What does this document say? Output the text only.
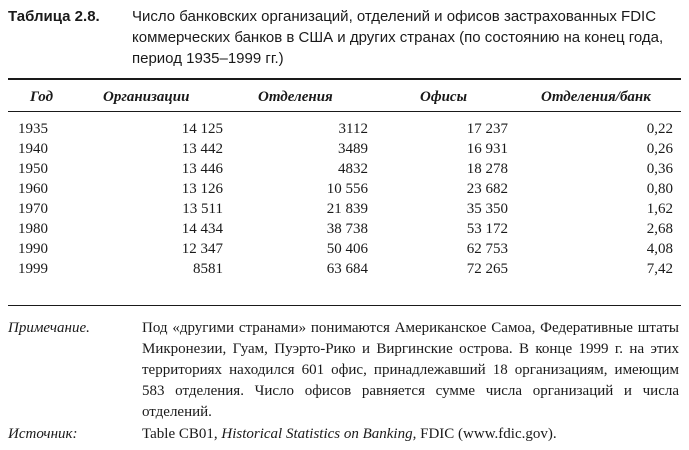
Таблица 2.8. Число банковских организаций, отделений и офисов застрахованных FDIC коммерческих банков в США и других странах (по состоянию на конец года, период 1935–1999 гг.)
Год	Организации	Отделения	Офисы	Отделения/банк
1935	14 125	3112	17 237	0,22
1940	13 442	3489	16 931	0,26
1950	13 446	4832	18 278	0,36
1960	13 126	10 556	23 682	0,80
1970	13 511	21 839	35 350	1,62
1980	14 434	38 738	53 172	2,68
1990	12 347	50 406	62 753	4,08
1999	8581	63 684	72 265	7,42
Примечание.	Под «другими странами» понимаются Американское Самоа, Федеративные штаты Микронезии, Гуам, Пуэрто-Рико и Виргинские острова. В конце 1999 г. на этих территориях находился 601 офис, принадлежавший 18 организациям, имеющим 583 отделения. Число офисов равняется сумме числа организаций и числа отделений.
Источник:	Table CB01, Historical Statistics on Banking, FDIC (www.fdic.gov).
